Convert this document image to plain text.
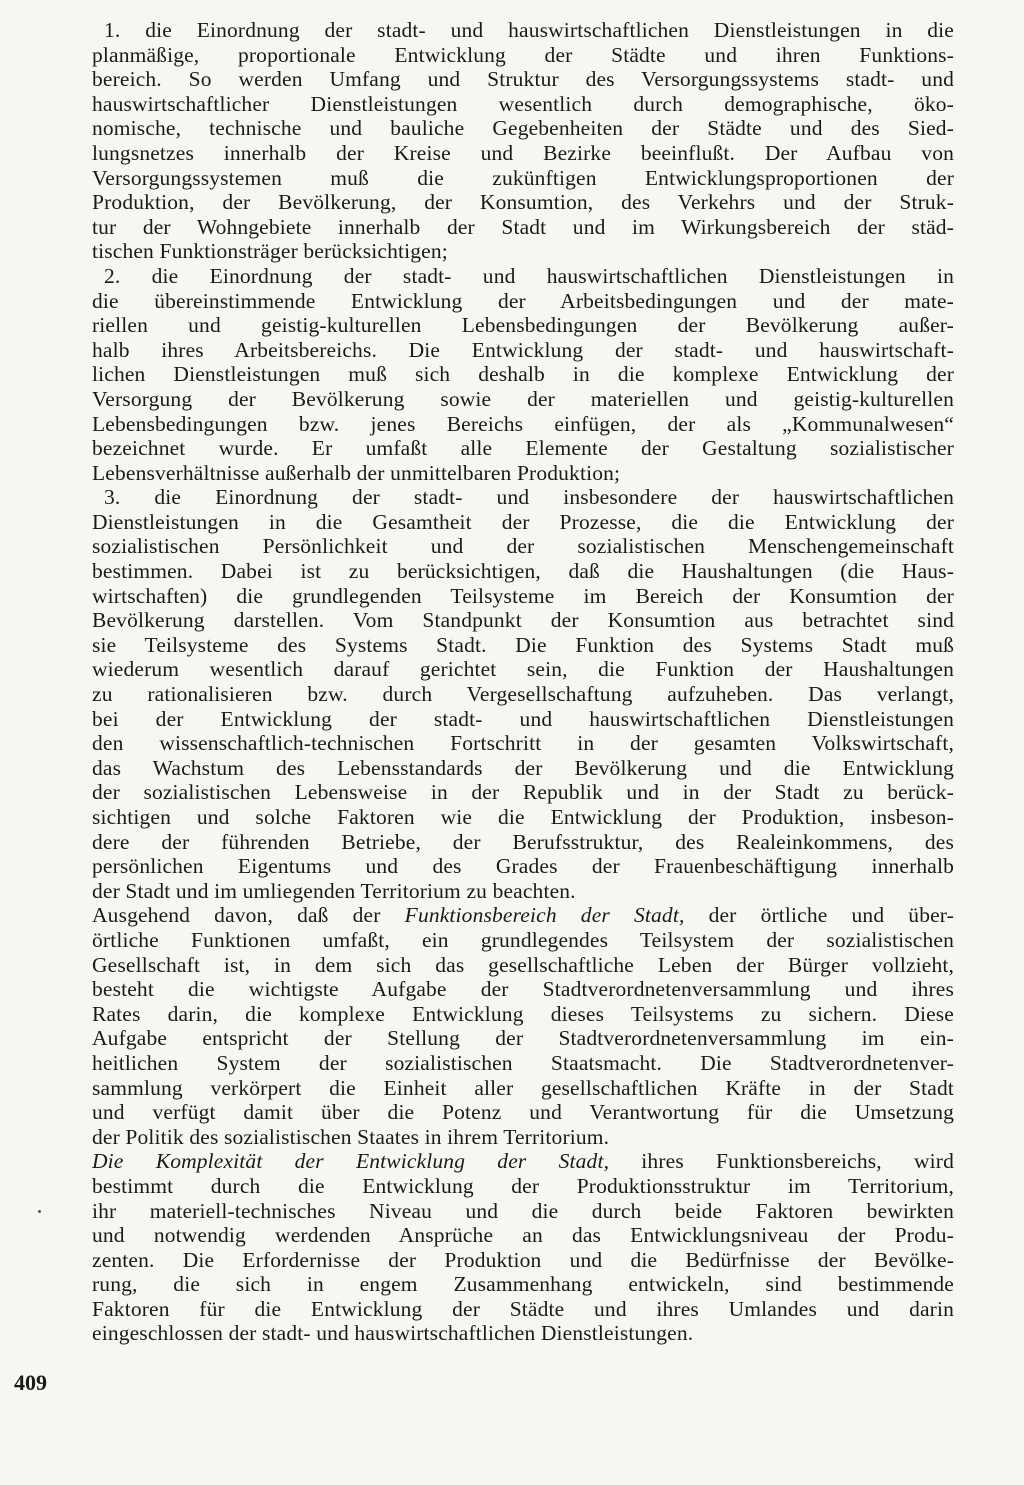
1. die Einordnung der stadt- und hauswirtschaftlichen Dienstleistungen in die
planmäßige, proportionale Entwicklung der Städte und ihren Funktions-
bereich. So werden Umfang und Struktur des Versorgungssystems stadt- und
hauswirtschaftlicher Dienstleistungen wesentlich durch demographische, öko-
nomische, technische und bauliche Gegebenheiten der Städte und des Sied-
lungsnetzes innerhalb der Kreise und Bezirke beeinflußt. Der Aufbau von
Versorgungssystemen muß die zukünftigen Entwicklungsproportionen der
Produktion, der Bevölkerung, der Konsumtion, des Verkehrs und der Struk-
tur der Wohngebiete innerhalb der Stadt und im Wirkungsbereich der städ-
tischen Funktionsträger berücksichtigen;
2. die Einordnung der stadt- und hauswirtschaftlichen Dienstleistungen in
die übereinstimmende Entwicklung der Arbeitsbedingungen und der mate-
riellen und geistig-kulturellen Lebensbedingungen der Bevölkerung außer-
halb ihres Arbeitsbereichs. Die Entwicklung der stadt- und hauswirtschaft-
lichen Dienstleistungen muß sich deshalb in die komplexe Entwicklung der
Versorgung der Bevölkerung sowie der materiellen und geistig-kulturellen
Lebensbedingungen bzw. jenes Bereichs einfügen, der als „Kommunalwesen“
bezeichnet wurde. Er umfaßt alle Elemente der Gestaltung sozialistischer
Lebensverhältnisse außerhalb der unmittelbaren Produktion;
3. die Einordnung der stadt- und insbesondere der hauswirtschaftlichen
Dienstleistungen in die Gesamtheit der Prozesse, die die Entwicklung der
sozialistischen Persönlichkeit und der sozialistischen Menschengemeinschaft
bestimmen. Dabei ist zu berücksichtigen, daß die Haushaltungen (die Haus-
wirtschaften) die grundlegenden Teilsysteme im Bereich der Konsumtion der
Bevölkerung darstellen. Vom Standpunkt der Konsumtion aus betrachtet sind
sie Teilsysteme des Systems Stadt. Die Funktion des Systems Stadt muß
wiederum wesentlich darauf gerichtet sein, die Funktion der Haushaltungen
zu rationalisieren bzw. durch Vergesellschaftung aufzuheben. Das verlangt,
bei der Entwicklung der stadt- und hauswirtschaftlichen Dienstleistungen
den wissenschaftlich-technischen Fortschritt in der gesamten Volkswirtschaft,
das Wachstum des Lebensstandards der Bevölkerung und die Entwicklung
der sozialistischen Lebensweise in der Republik und in der Stadt zu berück-
sichtigen und solche Faktoren wie die Entwicklung der Produktion, insbeson-
dere der führenden Betriebe, der Berufsstruktur, des Realeinkommens, des
persönlichen Eigentums und des Grades der Frauenbeschäftigung innerhalb
der Stadt und im umliegenden Territorium zu beachten.
Ausgehend davon, daß der Funktionsbereich der Stadt, der örtliche und über-
örtliche Funktionen umfaßt, ein grundlegendes Teilsystem der sozialistischen
Gesellschaft ist, in dem sich das gesellschaftliche Leben der Bürger vollzieht,
besteht die wichtigste Aufgabe der Stadtverordnetenversammlung und ihres
Rates darin, die komplexe Entwicklung dieses Teilsystems zu sichern. Diese
Aufgabe entspricht der Stellung der Stadtverordnetenversammlung im ein-
heitlichen System der sozialistischen Staatsmacht. Die Stadtverordnetenver-
sammlung verkörpert die Einheit aller gesellschaftlichen Kräfte in der Stadt
und verfügt damit über die Potenz und Verantwortung für die Umsetzung
der Politik des sozialistischen Staates in ihrem Territorium.
Die Komplexität der Entwicklung der Stadt, ihres Funktionsbereichs, wird
bestimmt durch die Entwicklung der Produktionsstruktur im Territorium,
ihr materiell-technisches Niveau und die durch beide Faktoren bewirkten
und notwendig werdenden Ansprüche an das Entwicklungsniveau der Produ-
zenten. Die Erfordernisse der Produktion und die Bedürfnisse der Bevölke-
rung, die sich in engem Zusammenhang entwickeln, sind bestimmende
Faktoren für die Entwicklung der Städte und ihres Umlandes und darin
eingeschlossen der stadt- und hauswirtschaftlichen Dienstleistungen.
409
